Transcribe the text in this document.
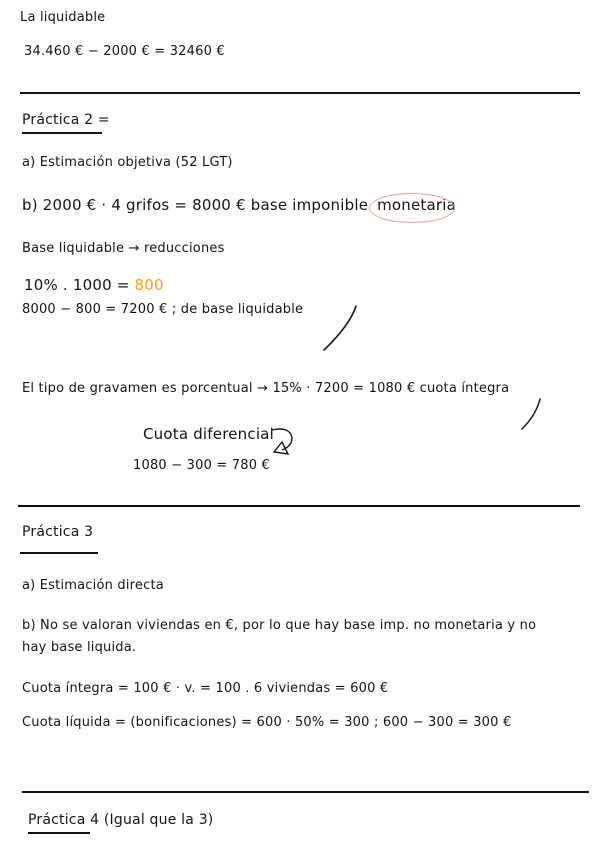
La liquidable
34.460 € − 2000 € = 32460 €
Práctica 2 =
a) Estimación objetiva (52 LGT)
b) 2000 € · 4 grifos = 8000 € base imponible monetaria
Base liquidable → reducciones
10% . 1000 = 800
8000 − 800 = 7200 € ; de base liquidable
El tipo de gravamen es porcentual → 15% · 7200 = 1080 € cuota íntegra
Cuota diferencial
1080 − 300 = 780 €
Práctica 3
a) Estimación directa
b) No se valoran viviendas en €, por lo que hay base imp. no monetaria y no
hay base liquida.
Cuota íntegra = 100 € · v. = 100 . 6 viviendas = 600 €
Cuota líquida = (bonificaciones) = 600 · 50% = 300 ; 600 − 300 = 300 €
Práctica 4 (Igual que la 3)
